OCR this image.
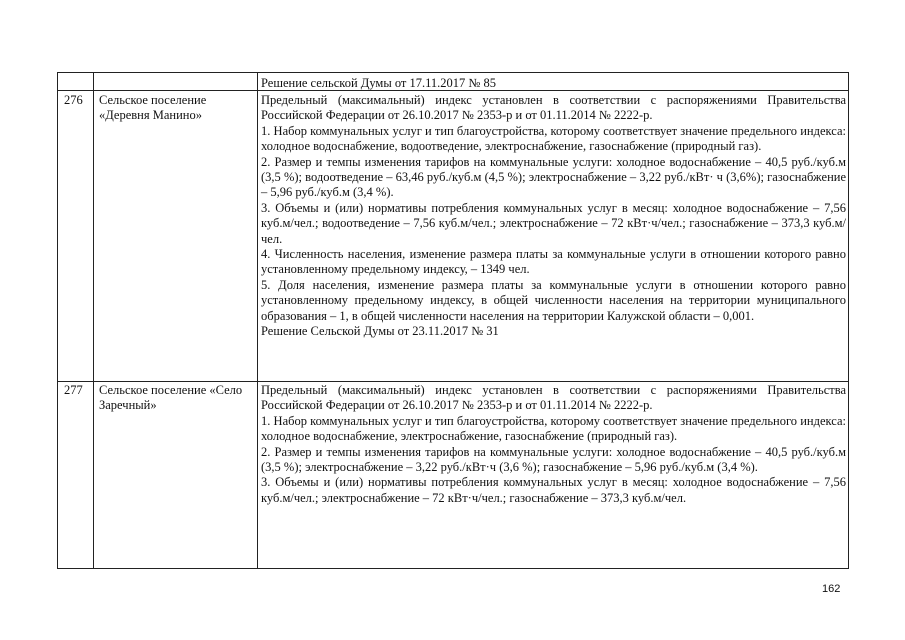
Решение сельской Думы от 17.11.2017 № 85

276 Сельское поселение «Деревня Манино»

Предельный (максимальный) индекс установлен в соответствии с распоряжениями Правительства Российской Федерации от 26.10.2017 № 2353-р и от 01.11.2014 № 2222-р.

1. Набор коммунальных услуг и тип благоустройства, которому соответствует значение предельного индекса: холодное водоснабжение, водоотведение, электроснабжение, газоснабжение (природный газ).

2. Размер и темпы изменения тарифов на коммунальные услуги: холодное водоснабжение – 40,5 руб./куб.м (3,5 %); водоотведение – 63,46 руб./куб.м (4,5 %); электроснабжение – 3,22 руб./кВт· ч (3,6%); газоснабжение – 5,96 руб./куб.м (3,4 %).

3. Объемы и (или) нормативы потребления коммунальных услуг в месяц: холодное водоснабжение – 7,56 куб.м/чел.; водоотведение – 7,56 куб.м/чел.; электроснабжение – 72 кВт·ч/чел.; газоснабжение – 373,3 куб.м/чел.

4. Численность населения, изменение размера платы за коммунальные услуги в отношении которого равно установленному предельному индексу, – 1349 чел.

5. Доля населения, изменение размера платы за коммунальные услуги в отношении которого равно установленному предельному индексу, в общей численности населения на территории муниципального образования – 1, в общей численности населения на территории Калужской области – 0,001.

Решение Сельской Думы от 23.11.2017 № 31

277 Сельское поселение «Село Заречный»

Предельный (максимальный) индекс установлен в соответствии с распоряжениями Правительства Российской Федерации от 26.10.2017 № 2353-р и от 01.11.2014 № 2222-р.

1. Набор коммунальных услуг и тип благоустройства, которому соответствует значение предельного индекса: холодное водоснабжение, электроснабжение, газоснабжение (природный газ).

2. Размер и темпы изменения тарифов на коммунальные услуги: холодное водоснабжение – 40,5 руб./куб.м (3,5 %); электроснабжение – 3,22 руб./кВт·ч (3,6 %); газоснабжение – 5,96 руб./куб.м (3,4 %).

3. Объемы и (или) нормативы потребления коммунальных услуг в месяц: холодное водоснабжение – 7,56 куб.м/чел.; электроснабжение – 72 кВт·ч/чел.; газоснабжение – 373,3 куб.м/чел.

162
